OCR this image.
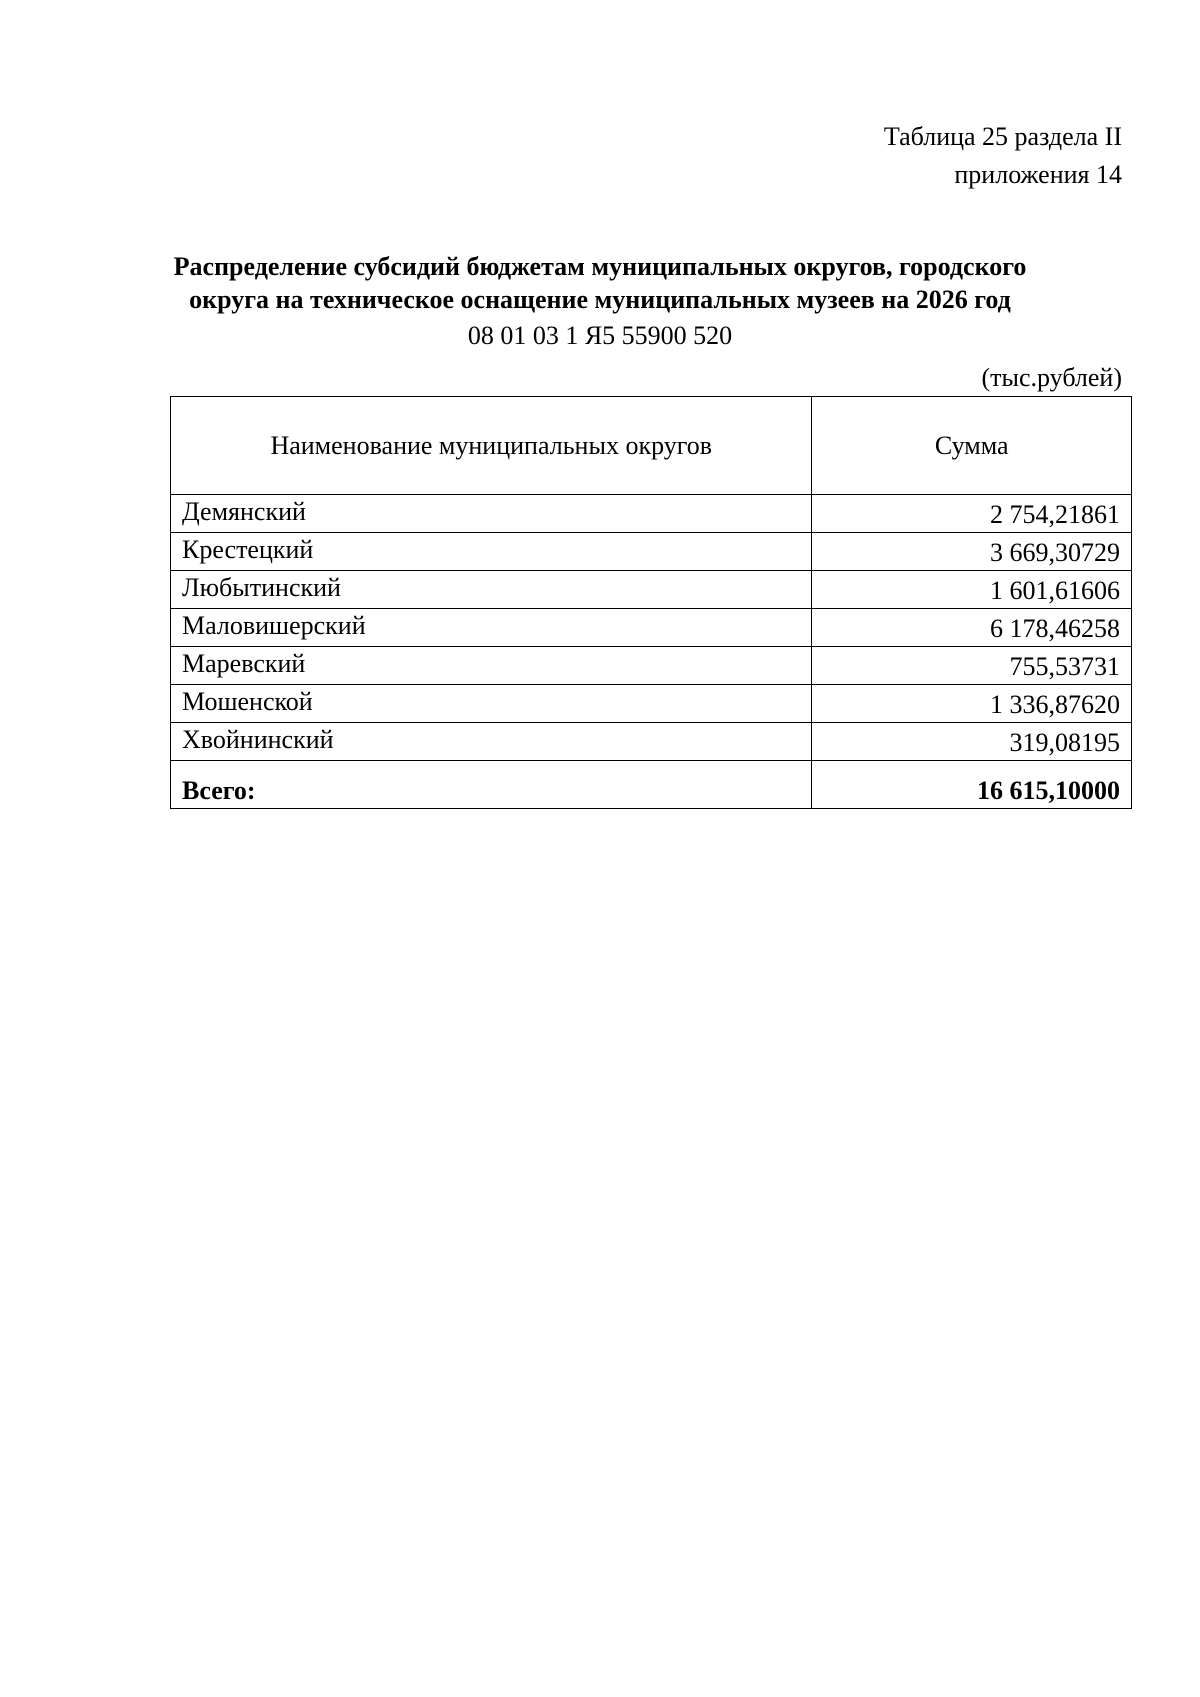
Таблица 25 раздела II
приложения 14
Распределение субсидий бюджетам муниципальных округов, городского
округа на техническое оснащение муниципальных музеев на 2026 год
08 01 03 1 Я5 55900 520
(тыс.рублей)
Наименование муниципальных округов	Сумма
Демянский	2 754,21861
Крестецкий	3 669,30729
Любытинский	1 601,61606
Маловишерский	6 178,46258
Маревский	755,53731
Мошенской	1 336,87620
Хвойнинский	319,08195
Всего:	16 615,10000
